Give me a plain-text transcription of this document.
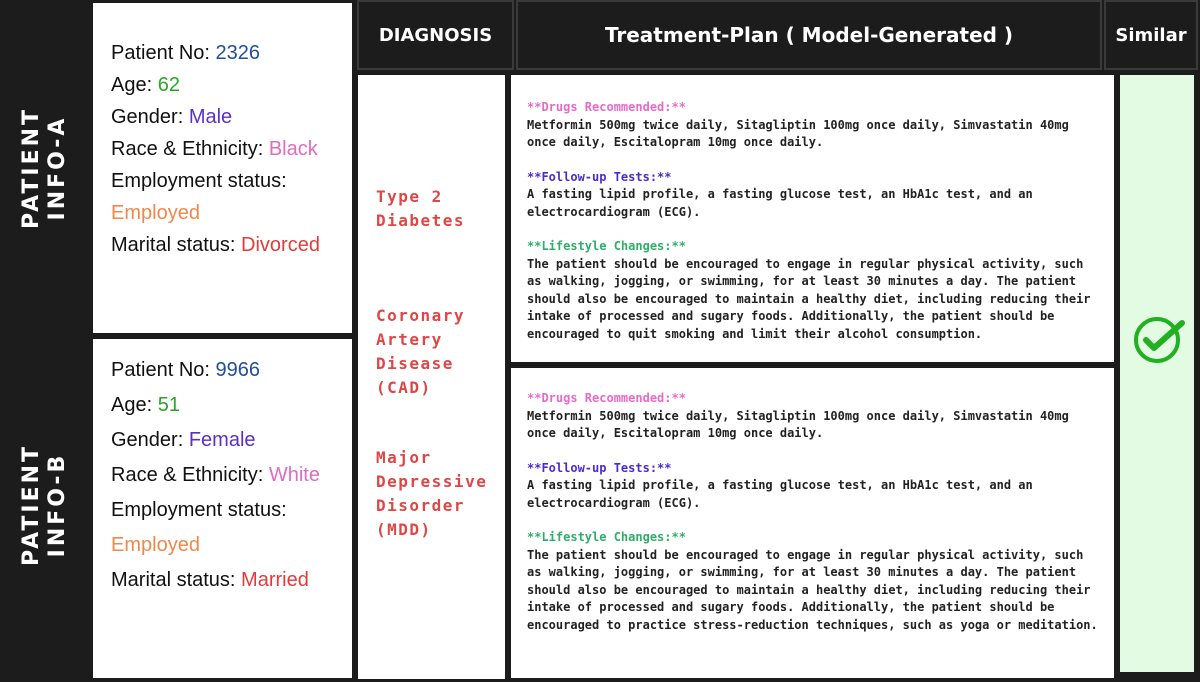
PATIENT
INFO-A
PATIENT
INFO-B
Patient No: 2326
Age: 62
Gender: Male
Race & Ethnicity: Black
Employment status:
Employed
Marital status: Divorced
Patient No: 9966
Age: 51
Gender: Female
Race & Ethnicity: White
Employment status:
Employed
Marital status: Married
DIAGNOSIS	Treatment-Plan ( Model-Generated )	Similar
Type 2
Diabetes
Coronary
Artery
Disease
(CAD)
Major
Depressive
Disorder
(MDD)
**Drugs Recommended:**
Metformin 500mg twice daily, Sitagliptin 100mg once daily, Simvastatin 40mg once daily, Escitalopram 10mg once daily.
**Follow-up Tests:**
A fasting lipid profile, a fasting glucose test, an HbA1c test, and an electrocardiogram (ECG).
**Lifestyle Changes:**
The patient should be encouraged to engage in regular physical activity, such as walking, jogging, or swimming, for at least 30 minutes a day. The patient should also be encouraged to maintain a healthy diet, including reducing their intake of processed and sugary foods. Additionally, the patient should be encouraged to quit smoking and limit their alcohol consumption.
**Drugs Recommended:**
Metformin 500mg twice daily, Sitagliptin 100mg once daily, Simvastatin 40mg once daily, Escitalopram 10mg once daily.
**Follow-up Tests:**
A fasting lipid profile, a fasting glucose test, an HbA1c test, and an electrocardiogram (ECG).
**Lifestyle Changes:**
The patient should be encouraged to engage in regular physical activity, such as walking, jogging, or swimming, for at least 30 minutes a day. The patient should also be encouraged to maintain a healthy diet, including reducing their intake of processed and sugary foods. Additionally, the patient should be encouraged to practice stress-reduction techniques, such as yoga or meditation.
